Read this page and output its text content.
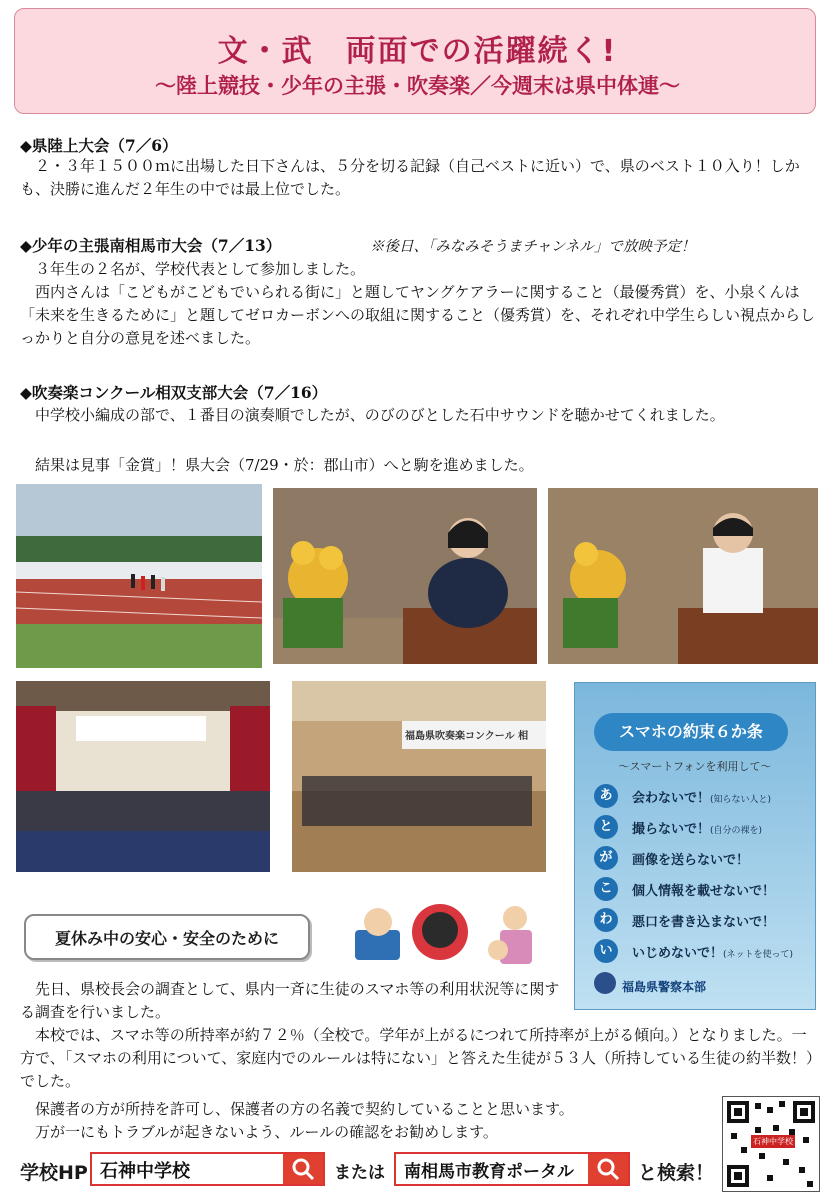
文・武　両面での活躍続く!
～陸上競技・少年の主張・吹奏楽／今週末は県中体連～
◆県陸上大会（7／6）
　２・３年１５００ｍに出場した日下さんは、５分を切る記録（自己ベストに近い）で、県のベスト１０入り！しかも、決勝に進んだ２年生の中では最上位でした。
◆少年の主張南相馬市大会（7／13）	※後日、「みなみそうまチャンネル」で放映予定！
　３年生の２名が、学校代表として参加しました。
　西内さんは「こどもがこどもでいられる街に」と題してヤングケアラーに関すること（最優秀賞）を、小泉くんは「未来を生きるために」と題してゼロカーボンへの取組に関すること（優秀賞）を、それぞれ中学生らしい視点からしっかりと自分の意見を述べました。
◆吹奏楽コンクール相双支部大会（7／16）
　中学校小編成の部で、１番目の演奏順でしたが、のびのびとした石中サウンドを聴かせてくれました。
　結果は見事「金賞」！県大会（7/29・於：郡山市）へと駒を進めました。
福島県吹奏楽コンクール 相	スマホの約束６か条
～スマートフォンを利用して～
あ	会わないで！(知らない人と)
と	撮らないで！(自分の裸を)
が	画像を送らないで！
こ	個人情報を載せないで！
わ	悪口を書き込まないで！
い	いじめないで！(ネットを使って)
福島県警察本部
夏休み中の安心・安全のために
　先日、県校長会の調査として、県内一斉に生徒のスマホ等の利用状況等に関する調査を行いました。
　本校では、スマホ等の所持率が約７２％（全校で。学年が上がるにつれて所持率が上がる傾向。）となりました。一方で、「スマホの利用について、家庭内でのルールは特にない」と答えた生徒が５３人（所持している生徒の約半数！）でした。
　保護者の方が所持を許可し、保護者の方の名義で契約していることと思います。
　万が一にもトラブルが起きないよう、ルールの確認をお勧めします。
学校HP 石神中学校	または 南相馬市教育ポータル	と検索！
石神中学校
